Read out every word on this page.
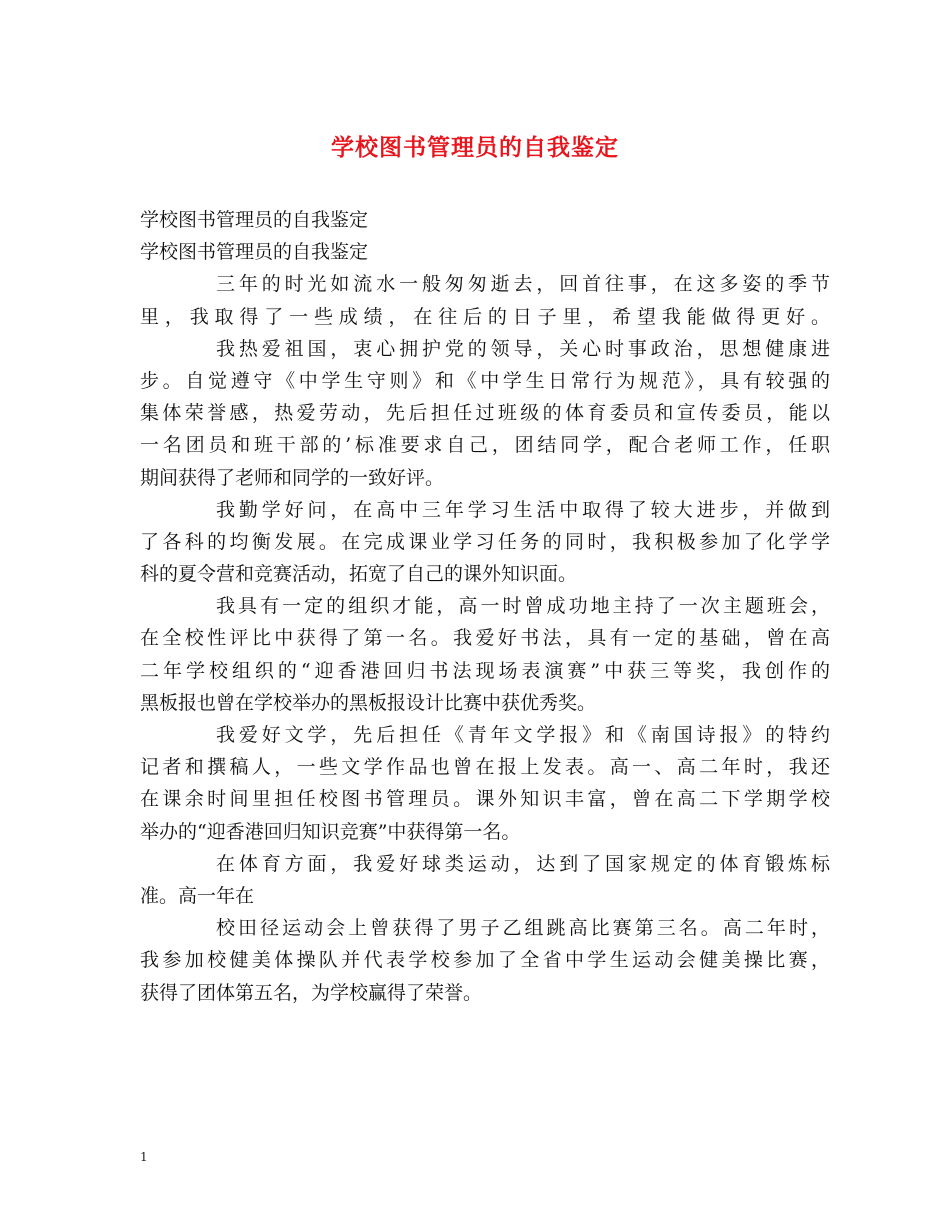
学校图书管理员的自我鉴定

学校图书管理员的自我鉴定

学校图书管理员的自我鉴定

三年的时光如流水一般匆匆逝去，回首往事，在这多姿的季节

里，我取得了一些成绩，在往后的日子里，希望我能做得更好。

我热爱祖国，衷心拥护党的领导，关心时事政治，思想健康进

步。自觉遵守《中学生守则》和《中学生日常行为规范》，具有较强的

集体荣誉感，热爱劳动，先后担任过班级的体育委员和宣传委员，能以

一名团员和班干部的’标准要求自己，团结同学，配合老师工作，任职

期间获得了老师和同学的一致好评。

我勤学好问，在高中三年学习生活中取得了较大进步，并做到

了各科的均衡发展。在完成课业学习任务的同时，我积极参加了化学学

科的夏令营和竞赛活动，拓宽了自己的课外知识面。

我具有一定的组织才能，高一时曾成功地主持了一次主题班会，

在全校性评比中获得了第一名。我爱好书法，具有一定的基础，曾在高

二年学校组织的“迎香港回归书法现场表演赛”中获三等奖，我创作的

黑板报也曾在学校举办的黑板报设计比赛中获优秀奖。

我爱好文学，先后担任《青年文学报》和《南国诗报》的特约

记者和撰稿人，一些文学作品也曾在报上发表。高一、高二年时，我还

在课余时间里担任校图书管理员。课外知识丰富，曾在高二下学期学校

举办的“迎香港回归知识竞赛”中获得第一名。

在体育方面，我爱好球类运动，达到了国家规定的体育锻炼标

准。高一年在

校田径运动会上曾获得了男子乙组跳高比赛第三名。高二年时，

我参加校健美体操队并代表学校参加了全省中学生运动会健美操比赛，

获得了团体第五名，为学校赢得了荣誉。

1
